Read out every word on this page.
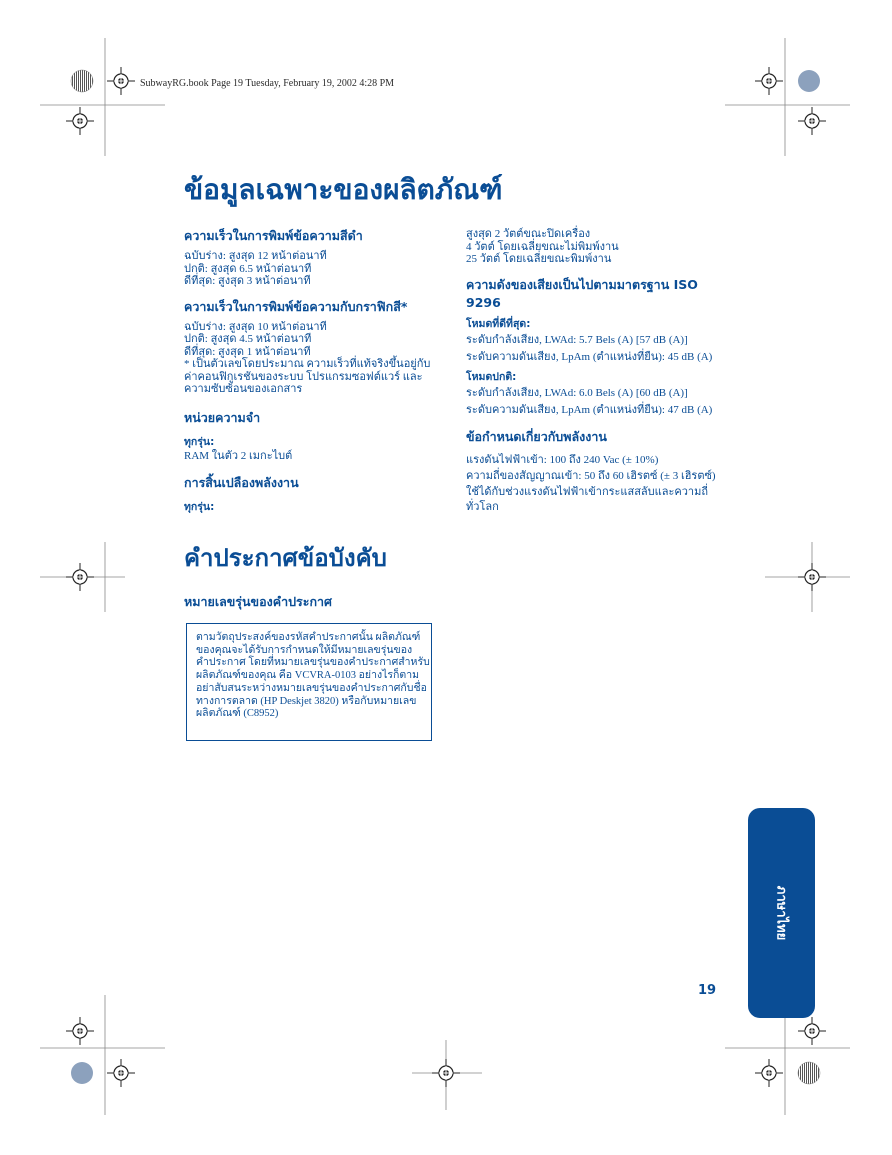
SubwayRG.book Page 19 Tuesday, February 19, 2002 4:28 PM
ข้อมูลเฉพาะของผลิตภัณฑ์
ความเร็วในการพิมพ์ข้อความสีดำ
ฉบับร่าง: สูงสุด 12 หน้าต่อนาที
ปกติ: สูงสุด 6.5 หน้าต่อนาที
ดีที่สุด: สูงสุด 3 หน้าต่อนาที
ความเร็วในการพิมพ์ข้อความกับกราฟิกสี*
ฉบับร่าง: สูงสุด 10 หน้าต่อนาที
ปกติ: สูงสุด 4.5 หน้าต่อนาที
ดีที่สุด: สูงสุด 1 หน้าต่อนาที
* เป็นตัวเลขโดยประมาณ ความเร็วที่แท้จริงขึ้นอยู่กับ
ค่าคอนฟิกูเรชันของระบบ โปรแกรมซอฟต์แวร์ และ
ความซับซ้อนของเอกสาร
หน่วยความจำ
ทุกรุ่น:
RAM ในตัว 2 เมกะไบต์
การสิ้นเปลืองพลังงาน
ทุกรุ่น:
สูงสุด 2 วัตต์ขณะปิดเครื่อง
4 วัตต์ โดยเฉลี่ยขณะไม่พิมพ์งาน
25 วัตต์ โดยเฉลี่ยขณะพิมพ์งาน
ความดังของเสียงเป็นไปตามมาตรฐาน ISO
9296
โหมดที่ดีที่สุด:
ระดับกำลังเสียง, LWAd: 5.7 Bels (A) [57 dB (A)]
ระดับความดันเสียง, LpAm (ตำแหน่งที่ยืน): 45 dB (A)
โหมดปกติ:
ระดับกำลังเสียง, LWAd: 6.0 Bels (A) [60 dB (A)]
ระดับความดันเสียง, LpAm (ตำแหน่งที่ยืน): 47 dB (A)
ข้อกำหนดเกี่ยวกับพลังงาน
แรงดันไฟฟ้าเข้า: 100 ถึง 240 Vac (± 10%)
ความถี่ของสัญญาณเข้า: 50 ถึง 60 เฮิรตซ์ (± 3 เฮิรตซ์)
ใช้ได้กับช่วงแรงดันไฟฟ้าเข้ากระแสสลับและความถี่
ทั่วโลก
คำประกาศข้อบังคับ
หมายเลขรุ่นของคำประกาศ
ตามวัตถุประสงค์ของรหัสคำประกาศนั้น ผลิตภัณฑ์
ของคุณจะได้รับการกำหนดให้มีหมายเลขรุ่นของ
คำประกาศ โดยที่หมายเลขรุ่นของคำประกาศสำหรับ
ผลิตภัณฑ์ของคุณ คือ VCVRA-0103 อย่างไรก็ตาม
อย่าสับสนระหว่างหมายเลขรุ่นของคำประกาศกับชื่อ
ทางการตลาด (HP Deskjet 3820) หรือกับหมายเลข
ผลิตภัณฑ์ (C8952)
ภาษาไทย
19
